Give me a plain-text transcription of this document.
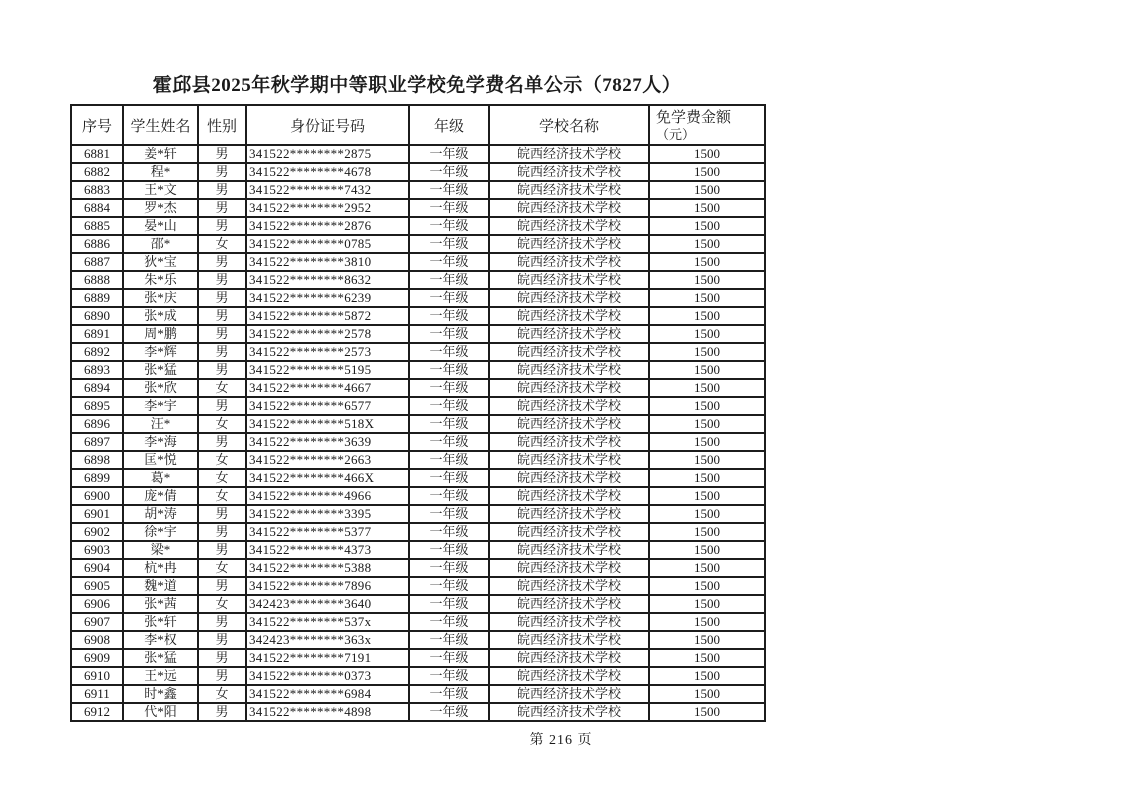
霍邱县2025年秋学期中等职业学校免学费名单公示（7827人）
序号	学生姓名	性别	身份证号码	年级	学校名称	免学费金额
（元）

6881	姜*轩	男	341522********2875	一年级	皖西经济技术学校	1500
6882	程*	男	341522********4678	一年级	皖西经济技术学校	1500
6883	王*文	男	341522********7432	一年级	皖西经济技术学校	1500
6884	罗*杰	男	341522********2952	一年级	皖西经济技术学校	1500
6885	晏*山	男	341522********2876	一年级	皖西经济技术学校	1500
6886	邵*	女	341522********0785	一年级	皖西经济技术学校	1500
6887	狄*宝	男	341522********3810	一年级	皖西经济技术学校	1500
6888	朱*乐	男	341522********8632	一年级	皖西经济技术学校	1500
6889	张*庆	男	341522********6239	一年级	皖西经济技术学校	1500
6890	张*成	男	341522********5872	一年级	皖西经济技术学校	1500
6891	周*鹏	男	341522********2578	一年级	皖西经济技术学校	1500
6892	李*辉	男	341522********2573	一年级	皖西经济技术学校	1500
6893	张*猛	男	341522********5195	一年级	皖西经济技术学校	1500
6894	张*欣	女	341522********4667	一年级	皖西经济技术学校	1500
6895	李*宇	男	341522********6577	一年级	皖西经济技术学校	1500
6896	汪*	女	341522********518X	一年级	皖西经济技术学校	1500
6897	李*海	男	341522********3639	一年级	皖西经济技术学校	1500
6898	匡*悦	女	341522********2663	一年级	皖西经济技术学校	1500
6899	葛*	女	341522********466X	一年级	皖西经济技术学校	1500
6900	庞*倩	女	341522********4966	一年级	皖西经济技术学校	1500
6901	胡*涛	男	341522********3395	一年级	皖西经济技术学校	1500
6902	徐*宇	男	341522********5377	一年级	皖西经济技术学校	1500
6903	梁*	男	341522********4373	一年级	皖西经济技术学校	1500
6904	杭*冉	女	341522********5388	一年级	皖西经济技术学校	1500
6905	魏*道	男	341522********7896	一年级	皖西经济技术学校	1500
6906	张*茜	女	342423********3640	一年级	皖西经济技术学校	1500
6907	张*轩	男	341522********537x	一年级	皖西经济技术学校	1500
6908	李*权	男	342423********363x	一年级	皖西经济技术学校	1500
6909	张*猛	男	341522********7191	一年级	皖西经济技术学校	1500
6910	王*远	男	341522********0373	一年级	皖西经济技术学校	1500
6911	时*鑫	女	341522********6984	一年级	皖西经济技术学校	1500
6912	代*阳	男	341522********4898	一年级	皖西经济技术学校	1500
第 216 页
